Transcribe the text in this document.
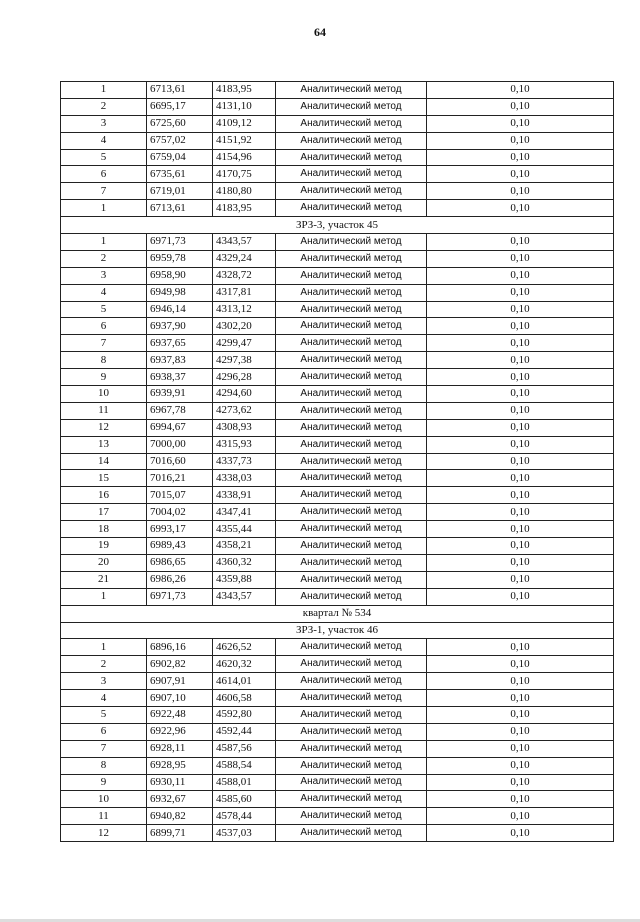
64
1	6713,61	4183,95	Аналитический метод	0,10
2	6695,17	4131,10	Аналитический метод	0,10
3	6725,60	4109,12	Аналитический метод	0,10
4	6757,02	4151,92	Аналитический метод	0,10
5	6759,04	4154,96	Аналитический метод	0,10
6	6735,61	4170,75	Аналитический метод	0,10
7	6719,01	4180,80	Аналитический метод	0,10
1	6713,61	4183,95	Аналитический метод	0,10
ЗРЗ-3, участок 45				
1	6971,73	4343,57	Аналитический метод	0,10
2	6959,78	4329,24	Аналитический метод	0,10
3	6958,90	4328,72	Аналитический метод	0,10
4	6949,98	4317,81	Аналитический метод	0,10
5	6946,14	4313,12	Аналитический метод	0,10
6	6937,90	4302,20	Аналитический метод	0,10
7	6937,65	4299,47	Аналитический метод	0,10
8	6937,83	4297,38	Аналитический метод	0,10
9	6938,37	4296,28	Аналитический метод	0,10
10	6939,91	4294,60	Аналитический метод	0,10
11	6967,78	4273,62	Аналитический метод	0,10
12	6994,67	4308,93	Аналитический метод	0,10
13	7000,00	4315,93	Аналитический метод	0,10
14	7016,60	4337,73	Аналитический метод	0,10
15	7016,21	4338,03	Аналитический метод	0,10
16	7015,07	4338,91	Аналитический метод	0,10
17	7004,02	4347,41	Аналитический метод	0,10
18	6993,17	4355,44	Аналитический метод	0,10
19	6989,43	4358,21	Аналитический метод	0,10
20	6986,65	4360,32	Аналитический метод	0,10
21	6986,26	4359,88	Аналитический метод	0,10
1	6971,73	4343,57	Аналитический метод	0,10
квартал № 534				
ЗРЗ-1, участок 46				
1	6896,16	4626,52	Аналитический метод	0,10
2	6902,82	4620,32	Аналитический метод	0,10
3	6907,91	4614,01	Аналитический метод	0,10
4	6907,10	4606,58	Аналитический метод	0,10
5	6922,48	4592,80	Аналитический метод	0,10
6	6922,96	4592,44	Аналитический метод	0,10
7	6928,11	4587,56	Аналитический метод	0,10
8	6928,95	4588,54	Аналитический метод	0,10
9	6930,11	4588,01	Аналитический метод	0,10
10	6932,67	4585,60	Аналитический метод	0,10
11	6940,82	4578,44	Аналитический метод	0,10
12	6899,71	4537,03	Аналитический метод	0,10
